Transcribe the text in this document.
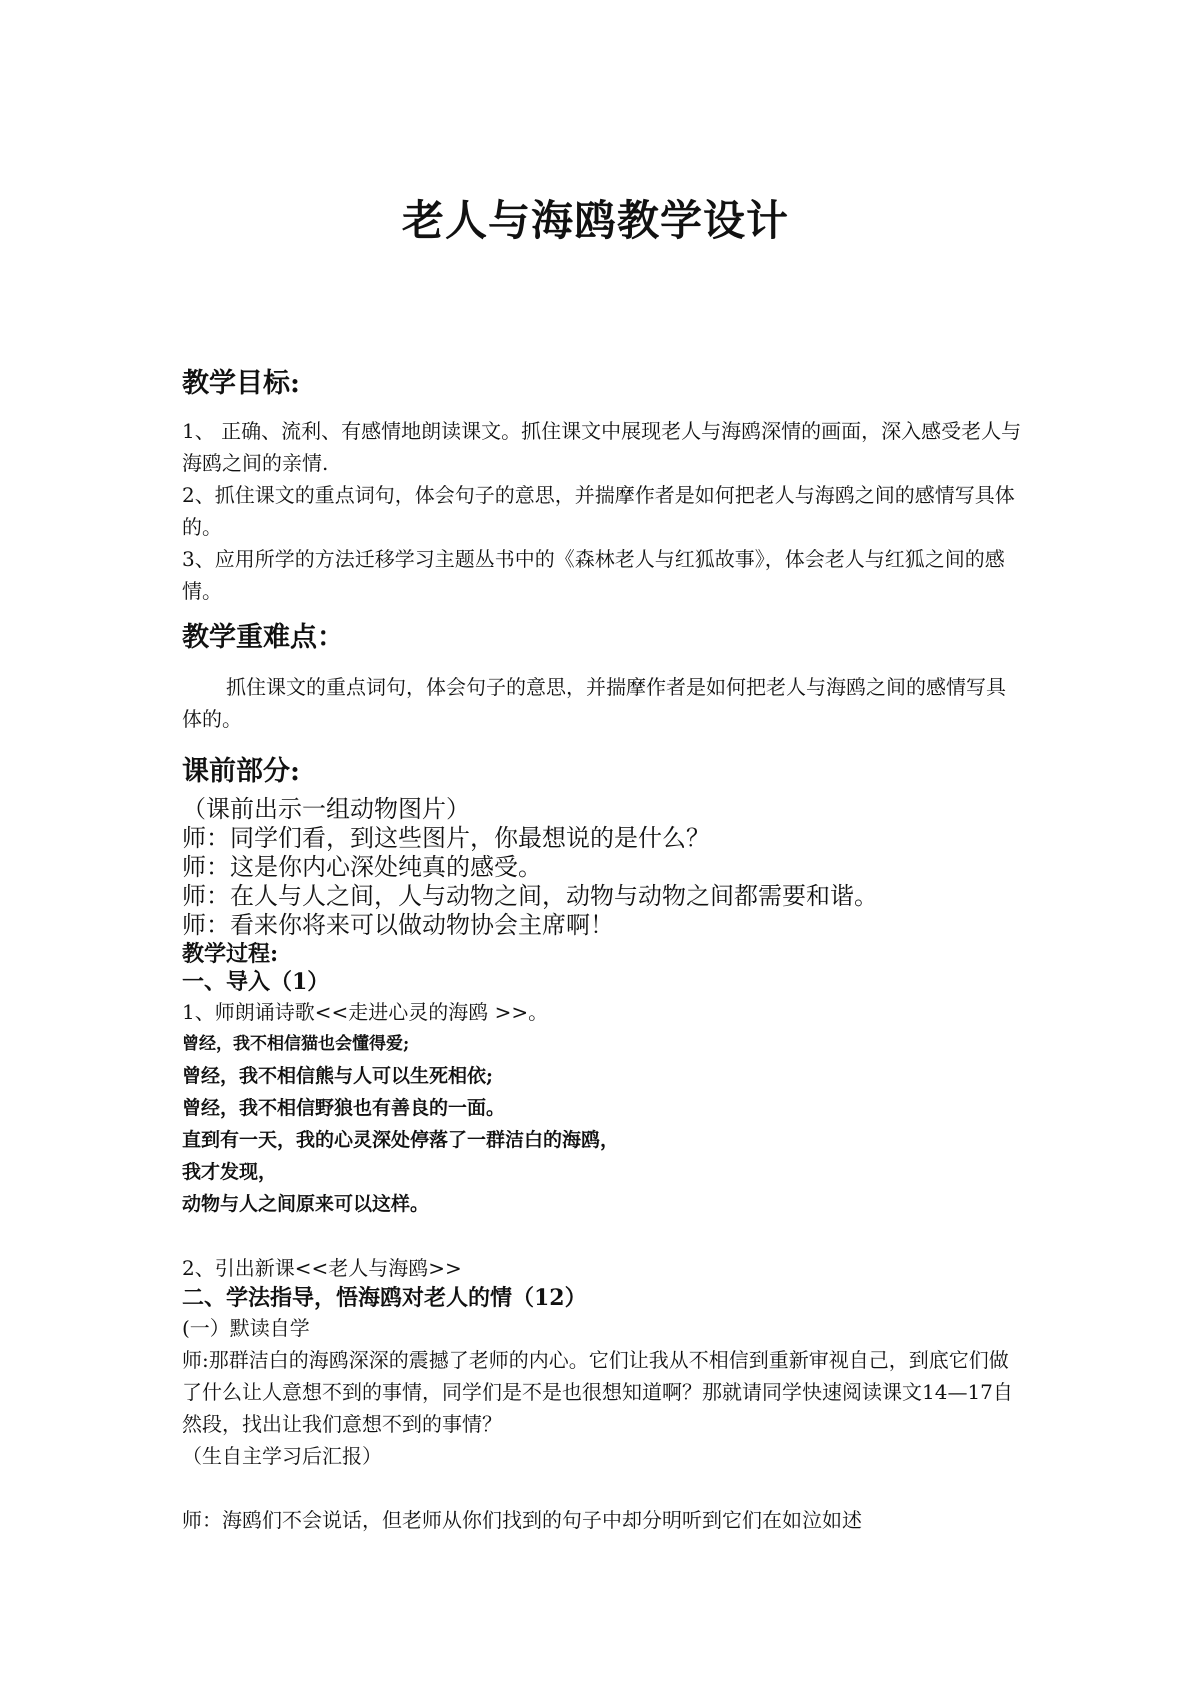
老人与海鸥教学设计
教学目标:

1、 正确、流利、有感情地朗读课文。抓住课文中展现老人与海鸥深情的画面，深入感受老人与海鸥之间的亲情.

2、抓住课文的重点词句，体会句子的意思，并揣摩作者是如何把老人与海鸥之间的感情写具体的。

3、应用所学的方法迁移学习主题丛书中的《森林老人与红狐故事》，体会老人与红狐之间的感情。

教学重难点：

抓住课文的重点词句，体会句子的意思，并揣摩作者是如何把老人与海鸥之间的感情写具体的。

课前部分:

（课前出示一组动物图片）

师：同学们看，到这些图片，你最想说的是什么？

师：这是你内心深处纯真的感受。

师：在人与人之间，人与动物之间，动物与动物之间都需要和谐。

师：看来你将来可以做动物协会主席啊！

教学过程:

一、导入（1）

1、师朗诵诗歌<<走进心灵的海鸥 >>。

曾经，我不相信猫也会懂得爱;

曾经，我不相信熊与人可以生死相依;

曾经，我不相信野狼也有善良的一面。

直到有一天，我的心灵深处停落了一群洁白的海鸥，

我才发现，

动物与人之间原来可以这样。

2、引出新课<<老人与海鸥>>

二、学法指导，悟海鸥对老人的情（12）

(一）默读自学

师:那群洁白的海鸥深深的震撼了老师的内心。它们让我从不相信到重新审视自己，到底它们做了什么让人意想不到的事情，同学们是不是也很想知道啊？那就请同学快速阅读课文14—17自然段，找出让我们意想不到的事情？

（生自主学习后汇报）

师：海鸥们不会说话，但老师从你们找到的句子中却分明听到它们在如泣如述
